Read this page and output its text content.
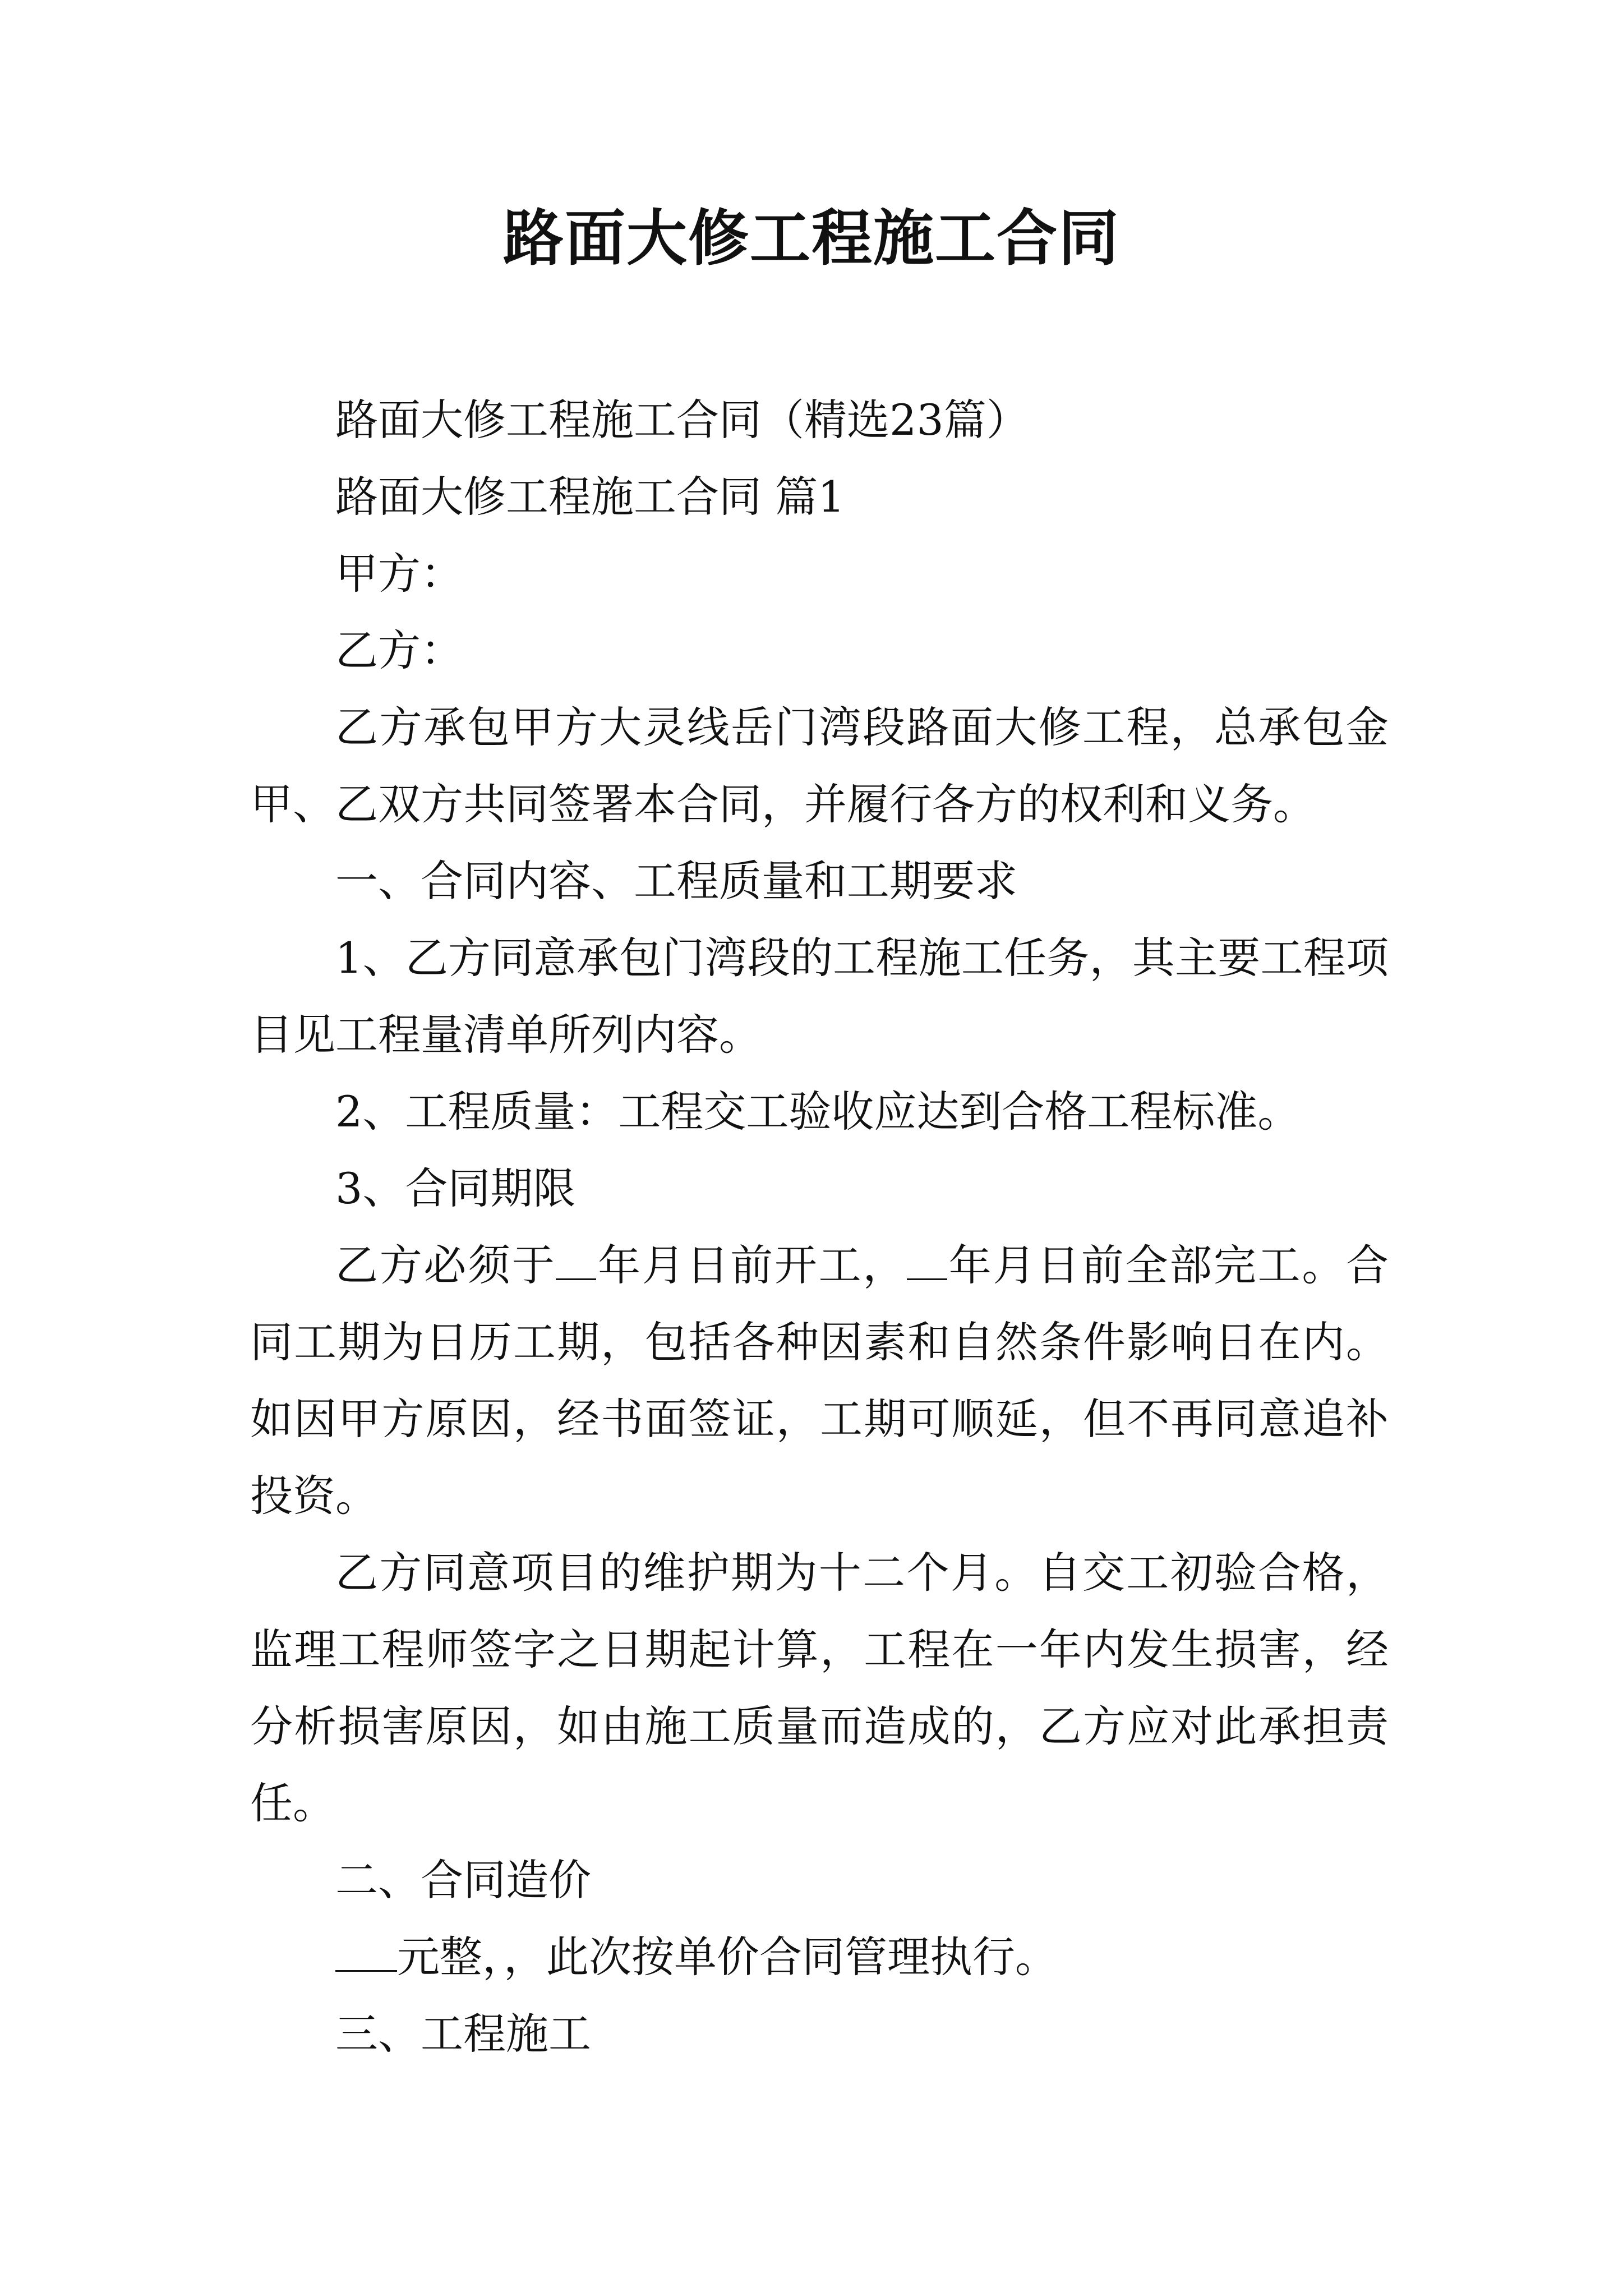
路面大修工程施工合同

路面大修工程施工合同（精选23篇）

路面大修工程施工合同 篇1

甲方：

乙方：

乙方承包甲方大灵线岳门湾段路面大修工程，总承包金甲、乙双方共同签署本合同，并履行各方的权利和义务。

一、合同内容、工程质量和工期要求

1、乙方同意承包门湾段的工程施工任务，其主要工程项目见工程量清单所列内容。

2、工程质量：工程交工验收应达到合格工程标准。

3、合同期限

乙方必须于 年月日前开工， 年月日前全部完工。合同工期为日历工期，包括各种因素和自然条件影响日在内。如因甲方原因，经书面签证，工期可顺延，但不再同意追补投资。

乙方同意项目的维护期为十二个月。自交工初验合格，监理工程师签字之日期起计算，工程在一年内发生损害，经分析损害原因，如由施工质量而造成的，乙方应对此承担责任。

二、合同造价

元整，，此次按单价合同管理执行。

三、工程施工
